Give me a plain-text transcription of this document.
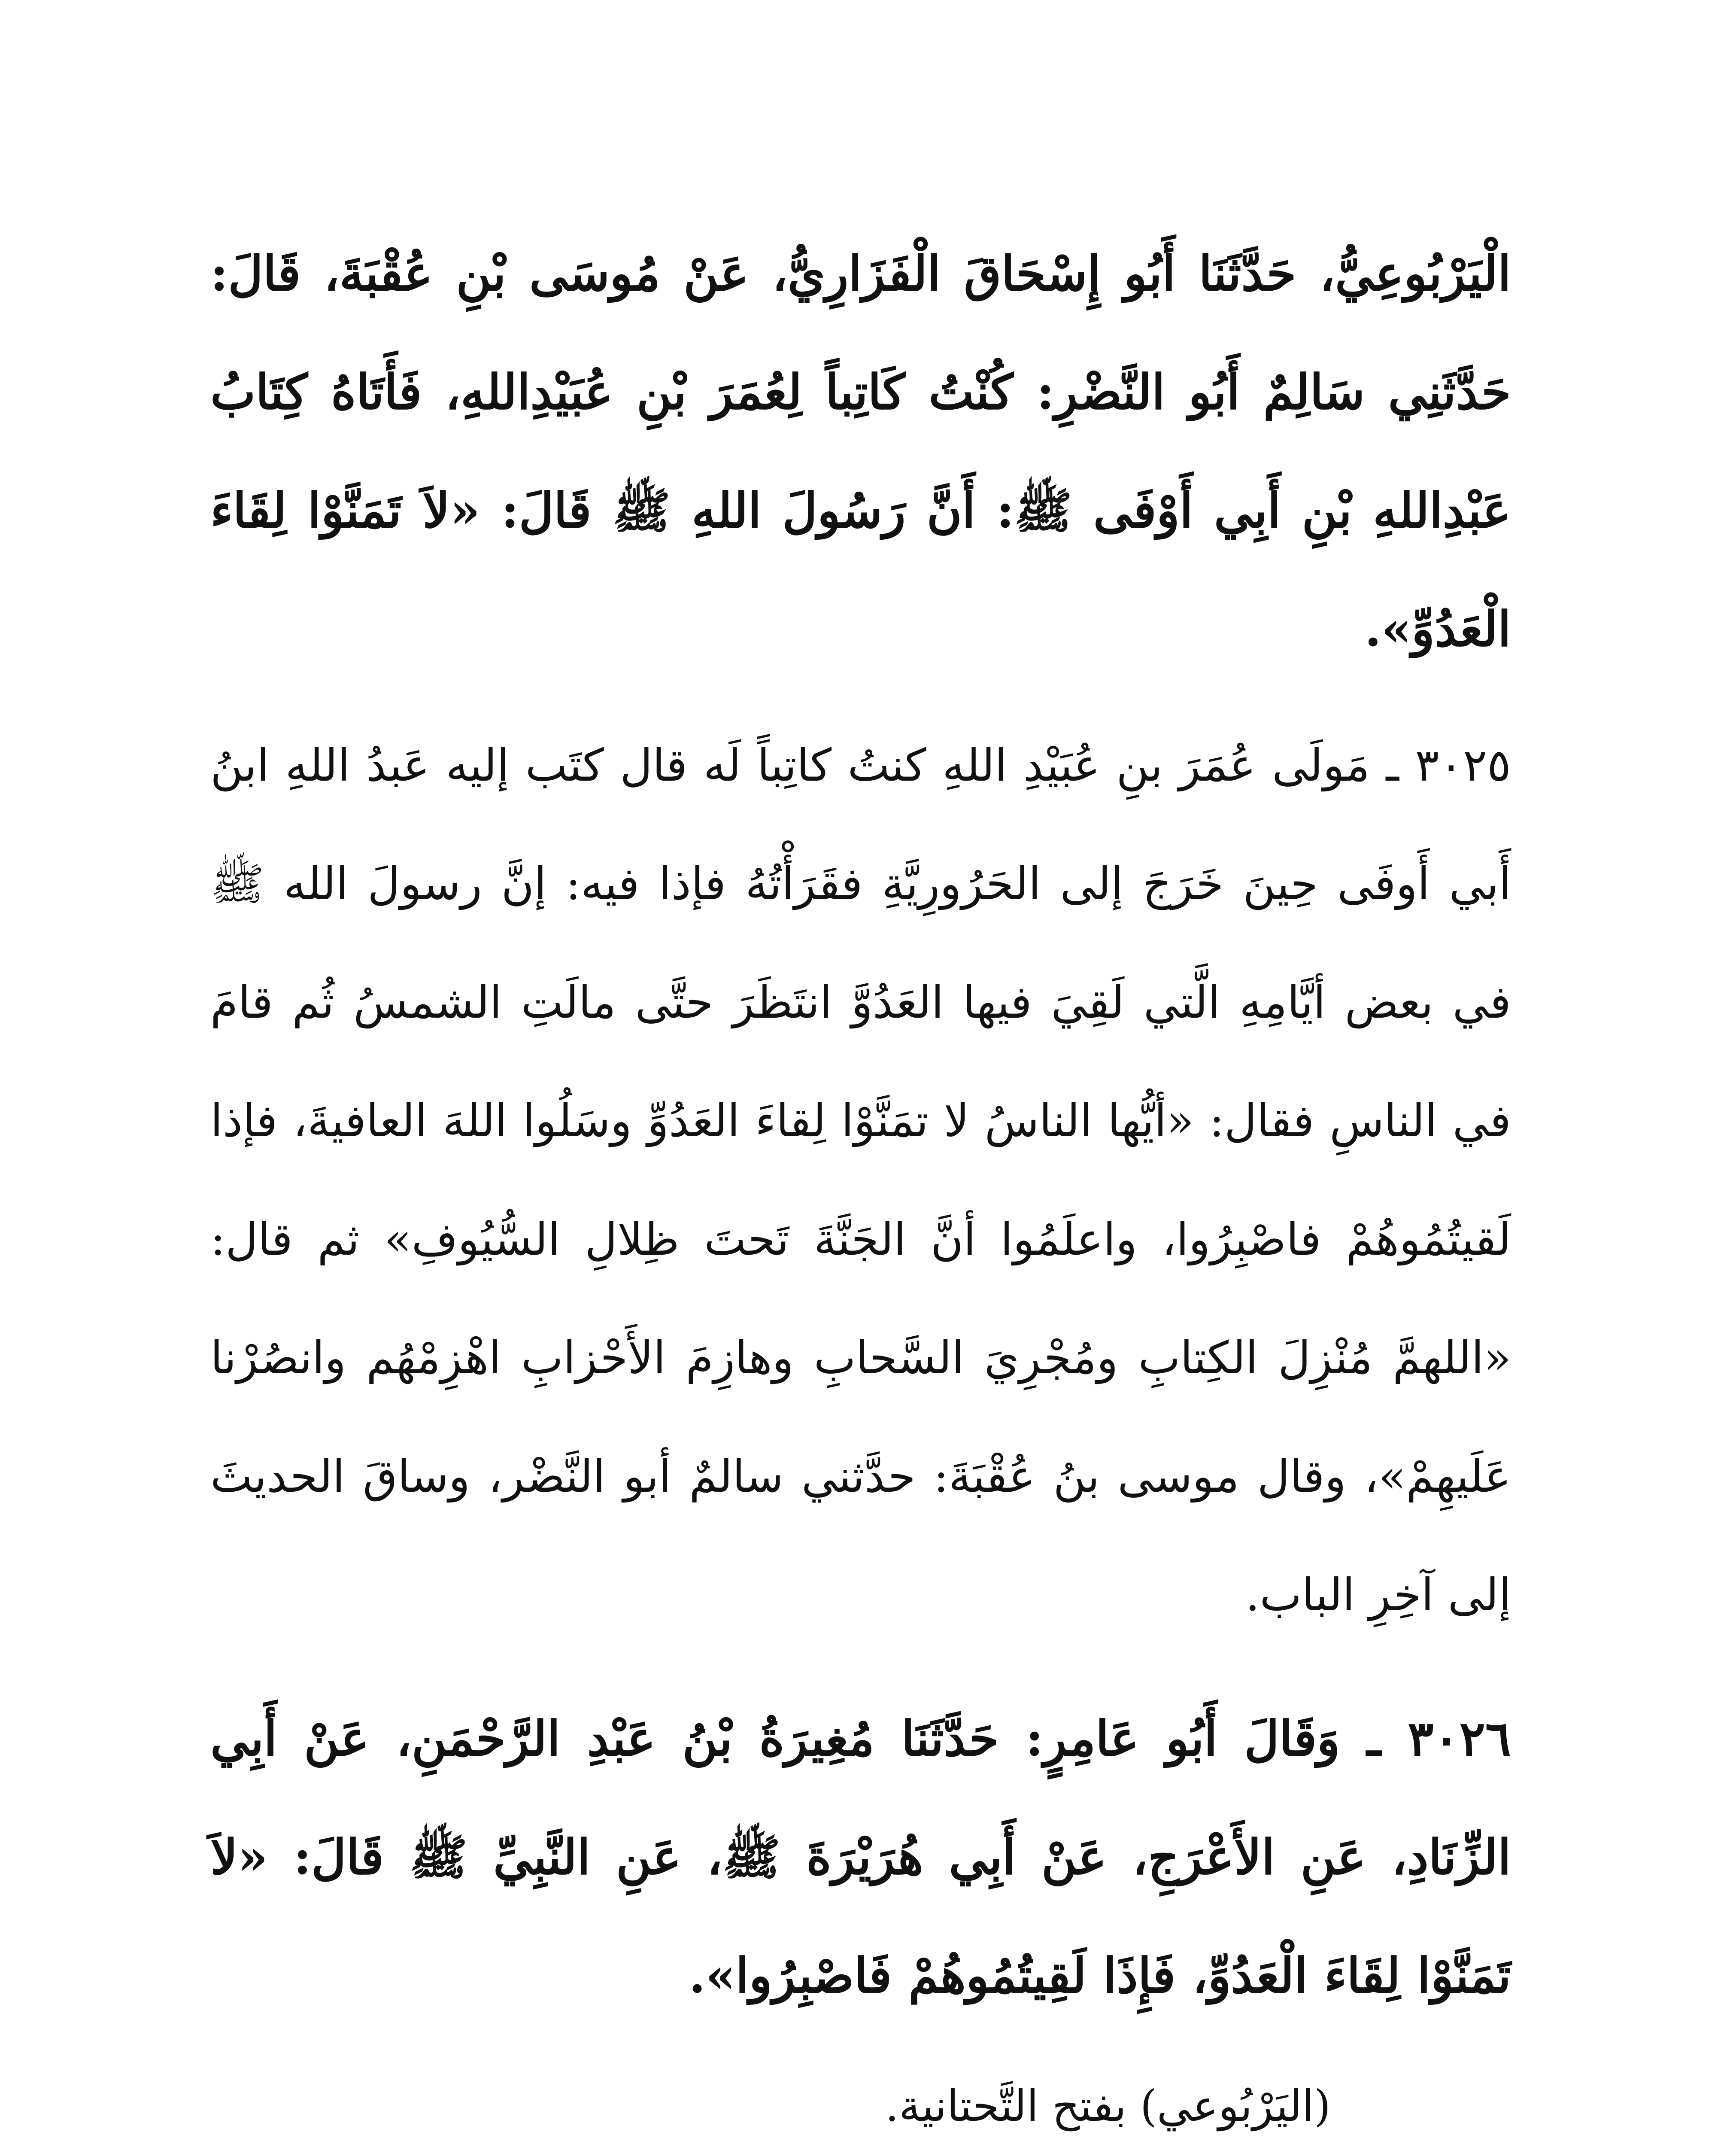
الْيَرْبُوعِيُّ، حَدَّثَنَا أَبُو إِسْحَاقَ الْفَزَارِيُّ، عَنْ مُوسَى بْنِ عُقْبَةَ، قَالَ: حَدَّثَنِي سَالِمٌ أَبُو النَّضْرِ: كُنْتُ كَاتِباً لِعُمَرَ بْنِ عُبَيْدِاللهِ، فَأَتَاهُ كِتَابُ عَبْدِاللهِ بْنِ أَبِي أَوْفَى ﷺ: أَنَّ رَسُولَ اللهِ ﷺ قَالَ: «لاَ تَمَنَّوْا لِقَاءَ الْعَدُوِّ».

٣٠٢٥ ـ مَولَى عُمَرَ بنِ عُبَيْدِ اللهِ كنتُ كاتِباً لَه قال كتَب إليه عَبدُ اللهِ ابنُ أَبي أَوفَى حِينَ خَرَجَ إلى الحَرُورِيَّةِ فقَرَأْتُهُ فإذا فيه: إنَّ رسولَ الله ﷺ في بعض أيَّامِهِ الَّتي لَقِيَ فيها العَدُوَّ انتَظَرَ حتَّى مالَتِ الشمسُ ثُم قامَ في الناسِ فقال: «أيُّها الناسُ لا تمَنَّوْا لِقاءَ العَدُوِّ وسَلُوا اللهَ العافيةَ، فإذا لَقيتُمُوهُمْ فاصْبِرُوا، واعلَمُوا أنَّ الجَنَّةَ تَحتَ ظِلالِ السُّيُوفِ» ثم قال: «اللهمَّ مُنْزِلَ الكِتابِ ومُجْرِيَ السَّحابِ وهازِمَ الأَحْزابِ اهْزِمْهُم وانصُرْنا عَلَيهِمْ»، وقال موسى بنُ عُقْبَةَ: حدَّثني سالمٌ أبو النَّضْر، وساقَ الحديثَ إلى آخِرِ الباب.

٣٠٢٦ ـ وَقَالَ أَبُو عَامِرٍ: حَدَّثَنَا مُغِيرَةُ بْنُ عَبْدِ الرَّحْمَنِ، عَنْ أَبِي الزِّنَادِ، عَنِ الأَعْرَجِ، عَنْ أَبِي هُرَيْرَةَ ﷺ، عَنِ النَّبِيِّ ﷺ قَالَ: «لاَ تَمَنَّوْا لِقَاءَ الْعَدُوِّ، فَإِذَا لَقِيتُمُوهُمْ فَاصْبِرُوا».

(اليَرْبُوعي) بفتح التَّحتانية.
